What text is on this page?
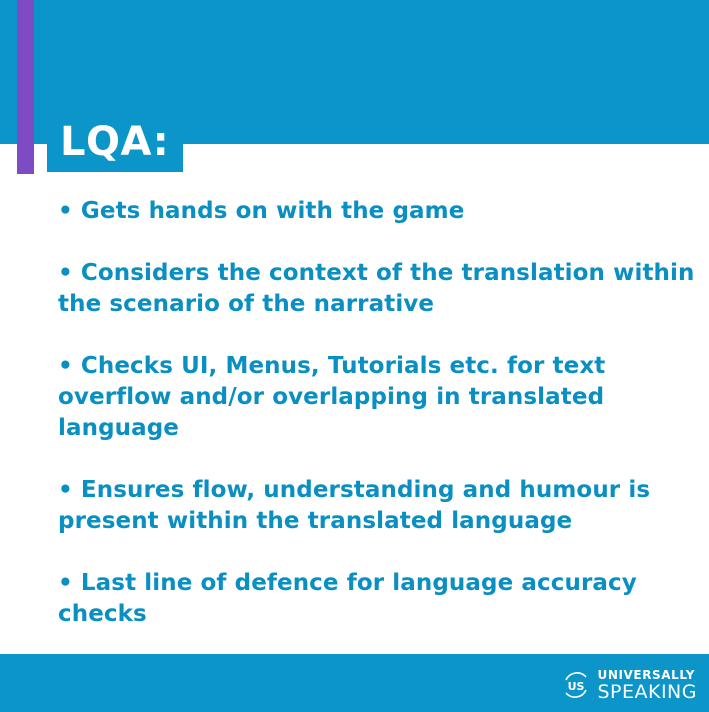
LQA:
• Gets hands on with the game
• Considers the context of the translation within the scenario of the narrative
• Checks UI, Menus, Tutorials etc. for text overflow and/or overlapping in translated language
• Ensures flow, understanding and humour is present within the translated language
• Last line of defence for language accuracy checks
US
UNIVERSALLY
SPEAKING
